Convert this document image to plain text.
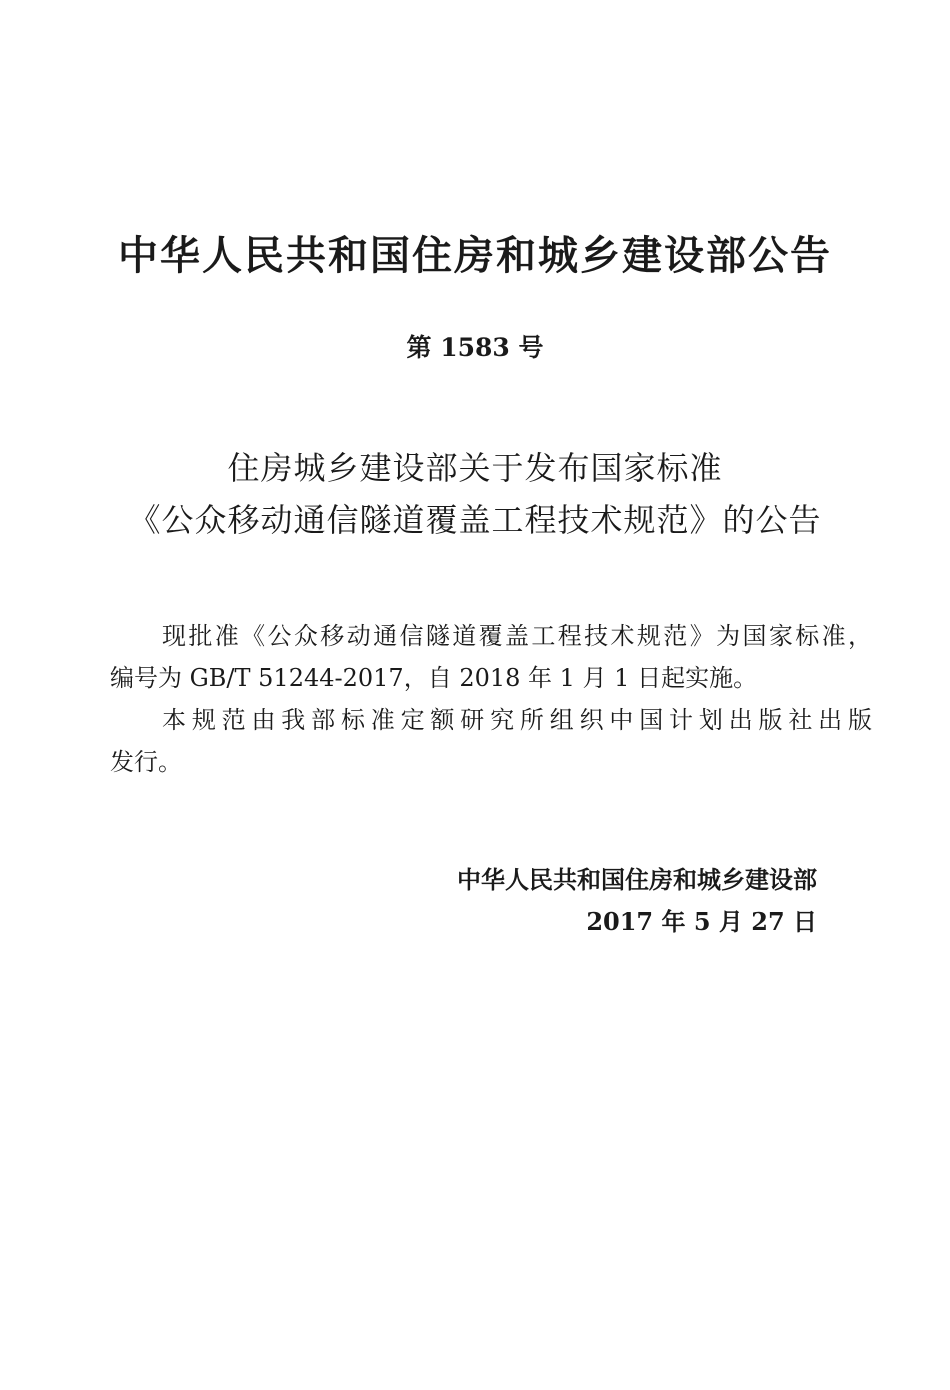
中华人民共和国住房和城乡建设部公告
第 1583 号
住房城乡建设部关于发布国家标准
《公众移动通信隧道覆盖工程技术规范》的公告
现批准《公众移动通信隧道覆盖工程技术规范》为国家标准，
编号为 GB/T 51244-2017，自 2018 年 1 月 1 日起实施。
本规范由我部标准定额研究所组织中国计划出版社出版
发行。
中华人民共和国住房和城乡建设部
2017 年 5 月 27 日
